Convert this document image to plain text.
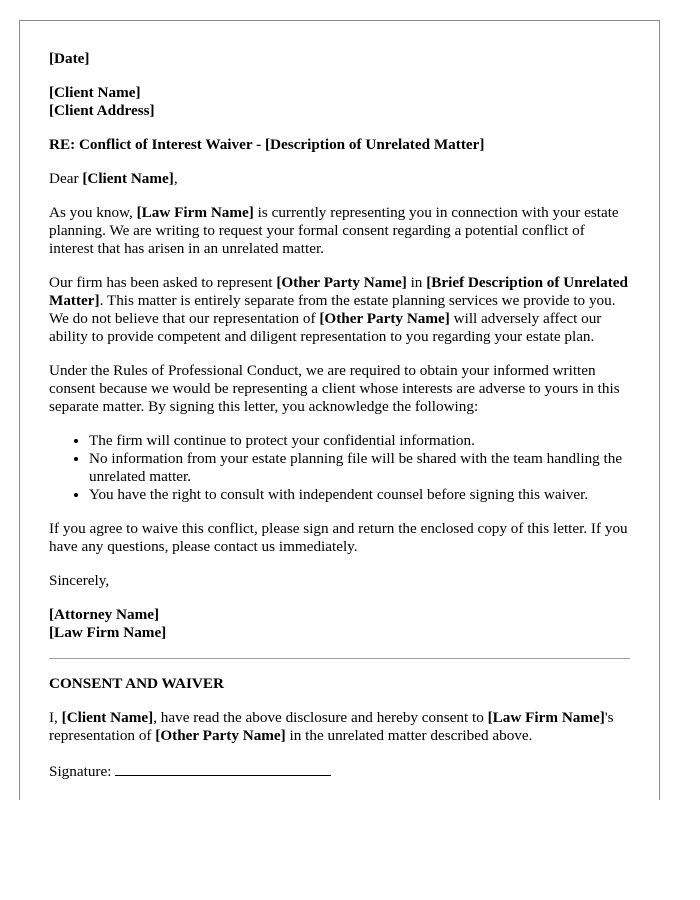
[Date]

[Client Name]

[Client Address]

RE: Conflict of Interest Waiver - [Description of Unrelated Matter]

Dear [Client Name],

As you know, [Law Firm Name] is currently representing you in connection with your estate planning. We are writing to request your formal consent regarding a potential conflict of interest that has arisen in an unrelated matter.

Our firm has been asked to represent [Other Party Name] in [Brief Description of Unrelated Matter]. This matter is entirely separate from the estate planning services we provide to you. We do not believe that our representation of [Other Party Name] will adversely affect our ability to provide competent and diligent representation to you regarding your estate plan.

Under the Rules of Professional Conduct, we are required to obtain your informed written consent because we would be representing a client whose interests are adverse to yours in this separate matter. By signing this letter, you acknowledge the following:

• The firm will continue to protect your confidential information.
• No information from your estate planning file will be shared with the team handling the unrelated matter.
• You have the right to consult with independent counsel before signing this waiver.

If you agree to waive this conflict, please sign and return the enclosed copy of this letter. If you have any questions, please contact us immediately.

Sincerely,

[Attorney Name]

[Law Firm Name]

CONSENT AND WAIVER

I, [Client Name], have read the above disclosure and hereby consent to [Law Firm Name]'s representation of [Other Party Name] in the unrelated matter described above.

Signature:
